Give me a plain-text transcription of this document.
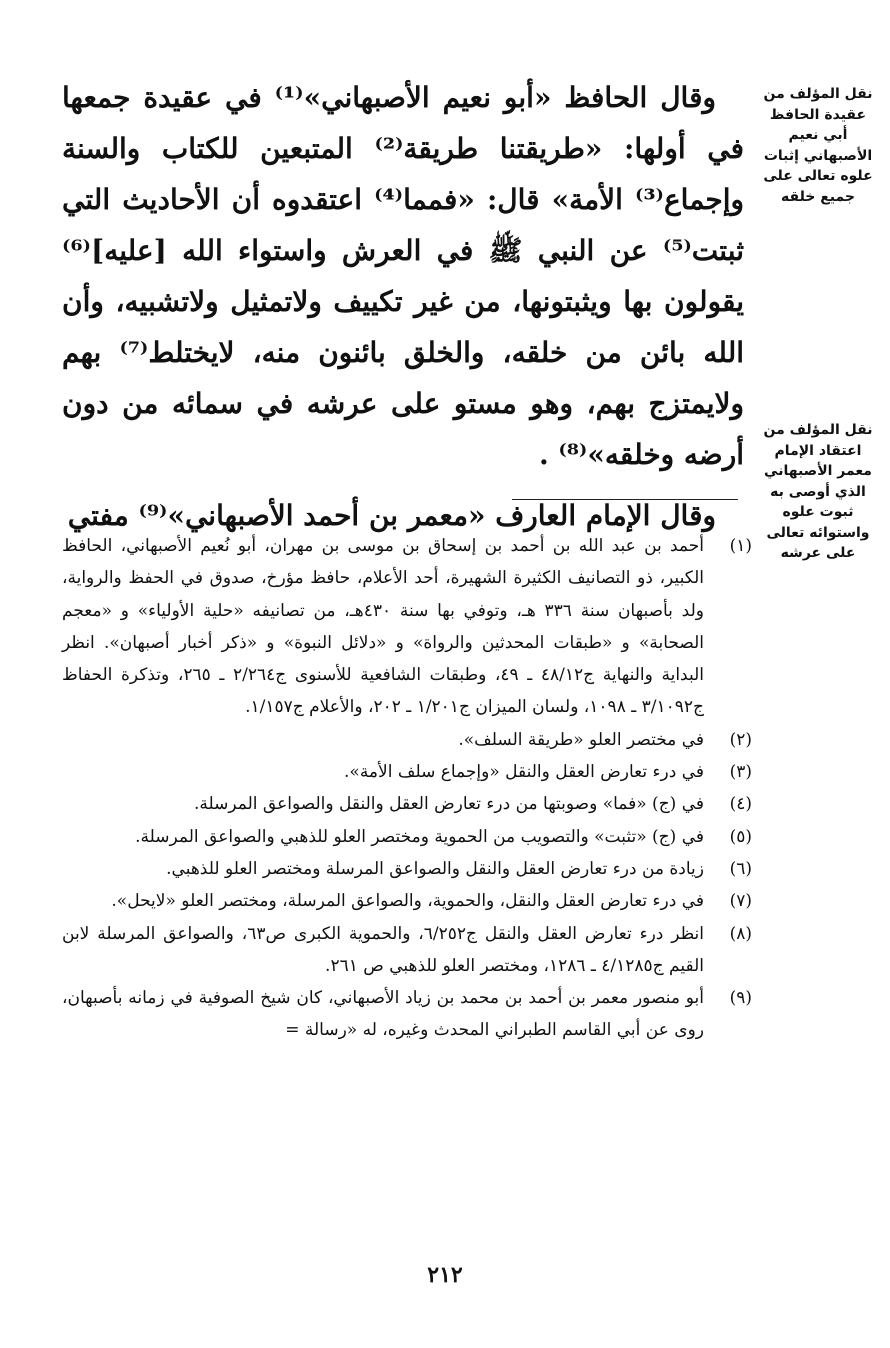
وقال الحافظ «أبو نعيم الأصبهاني»⁽¹⁾ في عقيدة جمعها في أولها: «طريقتنا طريقة⁽²⁾ المتبعين للكتاب والسنة وإجماع⁽³⁾ الأمة» قال: «فمما⁽⁴⁾ اعتقدوه أن الأحاديث التي ثبتت⁽⁵⁾ عن النبي ﷺ في العرش واستواء الله [عليه]⁽⁶⁾ يقولون بها ويثبتونها، من غير تكييف ولاتمثيل ولاتشبيه، وأن الله بائن من خلقه، والخلق بائنون منه، لايختلط⁽⁷⁾ بهم ولايمتزج بهم، وهو مستو على عرشه في سمائه من دون أرضه وخلقه»⁽⁸⁾ .

وقال الإمام العارف «معمر بن أحمد الأصبهاني»⁽⁹⁾ مفتي

نقل المؤلف من عقيدة الحافظ أبي نعيم الأصبهاني إثبات علوه تعالى على جميع خلقه
نقل المؤلف من اعتقاد الإمام معمر الأصبهاني الذي أوصى به ثبوت علوه واستوائه تعالى على عرشه
(١)
أحمد بن عبد الله بن أحمد بن إسحاق بن موسى بن مهران، أبو نُعيم الأصبهاني، الحافظ الكبير، ذو التصانيف الكثيرة الشهيرة، أحد الأعلام، حافظ مؤرخ، صدوق في الحفظ والرواية، ولد بأصبهان سنة ٣٣٦ هـ، وتوفي بها سنة ٤٣٠هـ، من تصانيفه «حلية الأولياء» و «معجم الصحابة» و «طبقات المحدثين والرواة» و «دلائل النبوة» و «ذكر أخبار أصبهان». انظر البداية والنهاية ج٤٨/١٢ ـ ٤٩، وطبقات الشافعية للأسنوى ج٢/٢٦٤ ـ ٢٦٥، وتذكرة الحفاظ ج٣/١٠٩٢ ـ ١٠٩٨، ولسان الميزان ج١/٢٠١ ـ ٢٠٢، والأعلام ج١/١٥٧.
(٢)
في مختصر العلو «طريقة السلف».
(٣)
في درء تعارض العقل والنقل «وإجماع سلف الأمة».
(٤)
في (ج) «فما» وصوبتها من درء تعارض العقل والنقل والصواعق المرسلة.
(٥)
في (ج) «تثبت» والتصويب من الحموية ومختصر العلو للذهبي والصواعق المرسلة.
(٦)
زيادة من درء تعارض العقل والنقل والصواعق المرسلة ومختصر العلو للذهبي.
(٧)
في درء تعارض العقل والنقل، والحموية، والصواعق المرسلة، ومختصر العلو «لايحل».
(٨)
انظر درء تعارض العقل والنقل ج٦/٢٥٢، والحموية الكبرى ص٦٣، والصواعق المرسلة لابن القيم ج٤/١٢٨٥ ـ ١٢٨٦، ومختصر العلو للذهبي ص ٢٦١.
(٩)
أبو منصور معمر بن أحمد بن محمد بن زياد الأصبهاني، كان شيخ الصوفية في زمانه بأصبهان، روى عن أبي القاسم الطبراني المحدث وغيره، له «رسالة =
٢١٢
